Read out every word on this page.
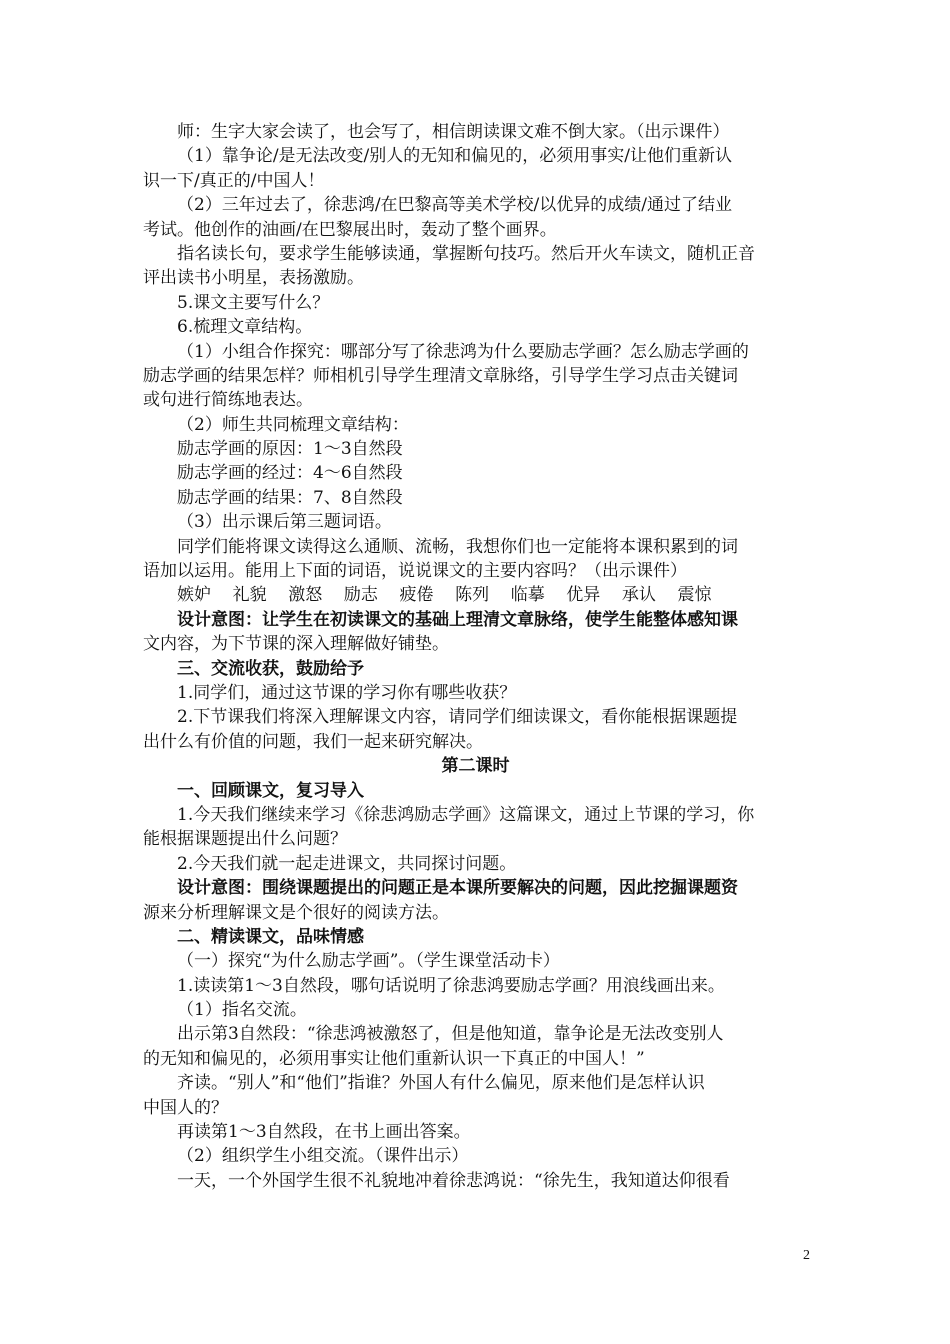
师：生字大家会读了，也会写了，相信朗读课文难不倒大家。（出示课件）
（1）靠争论/是无法改变/别人的无知和偏见的，必须用事实/让他们重新认
识一下/真正的/中国人！
（2）三年过去了，徐悲鸿/在巴黎高等美术学校/以优异的成绩/通过了结业
考试。他创作的油画/在巴黎展出时，轰动了整个画界。
指名读长句，要求学生能够读通，掌握断句技巧。然后开火车读文，随机正音
评出读书小明星，表扬激励。
5.课文主要写什么？
6.梳理文章结构。
（1）小组合作探究：哪部分写了徐悲鸿为什么要励志学画？怎么励志学画的
励志学画的结果怎样？师相机引导学生理清文章脉络，引导学生学习点击关键词
或句进行简练地表达。
（2）师生共同梳理文章结构：
励志学画的原因：1～3自然段
励志学画的经过：4～6自然段
励志学画的结果：7、8自然段
（3）出示课后第三题词语。
同学们能将课文读得这么通顺、流畅，我想你们也一定能将本课积累到的词
语加以运用。能用上下面的词语，说说课文的主要内容吗？（出示课件）
嫉妒    礼貌    激怒    励志    疲倦    陈列    临摹    优异    承认    震惊
设计意图：让学生在初读课文的基础上理清文章脉络，使学生能整体感知课
文内容，为下节课的深入理解做好铺垫。
三、交流收获，鼓励给予
1.同学们，通过这节课的学习你有哪些收获？
2.下节课我们将深入理解课文内容，请同学们细读课文，看你能根据课题提
出什么有价值的问题，我们一起来研究解决。
第二课时
一、回顾课文，复习导入
1.今天我们继续来学习《徐悲鸿励志学画》这篇课文，通过上节课的学习，你
能根据课题提出什么问题？
2.今天我们就一起走进课文，共同探讨问题。
设计意图：围绕课题提出的问题正是本课所要解决的问题，因此挖掘课题资
源来分析理解课文是个很好的阅读方法。
二、精读课文，品味情感
（一）探究“为什么励志学画”。（学生课堂活动卡）
1.读读第1～3自然段，哪句话说明了徐悲鸿要励志学画？用浪线画出来。
（1）指名交流。
出示第3自然段：“徐悲鸿被激怒了，但是他知道，靠争论是无法改变别人
的无知和偏见的，必须用事实让他们重新认识一下真正的中国人！”
齐读。“别人”和“他们”指谁？外国人有什么偏见，原来他们是怎样认识
中国人的？
再读第1～3自然段，在书上画出答案。
（2）组织学生小组交流。（课件出示）
一天，一个外国学生很不礼貌地冲着徐悲鸿说：“徐先生，我知道达仰很看
2
